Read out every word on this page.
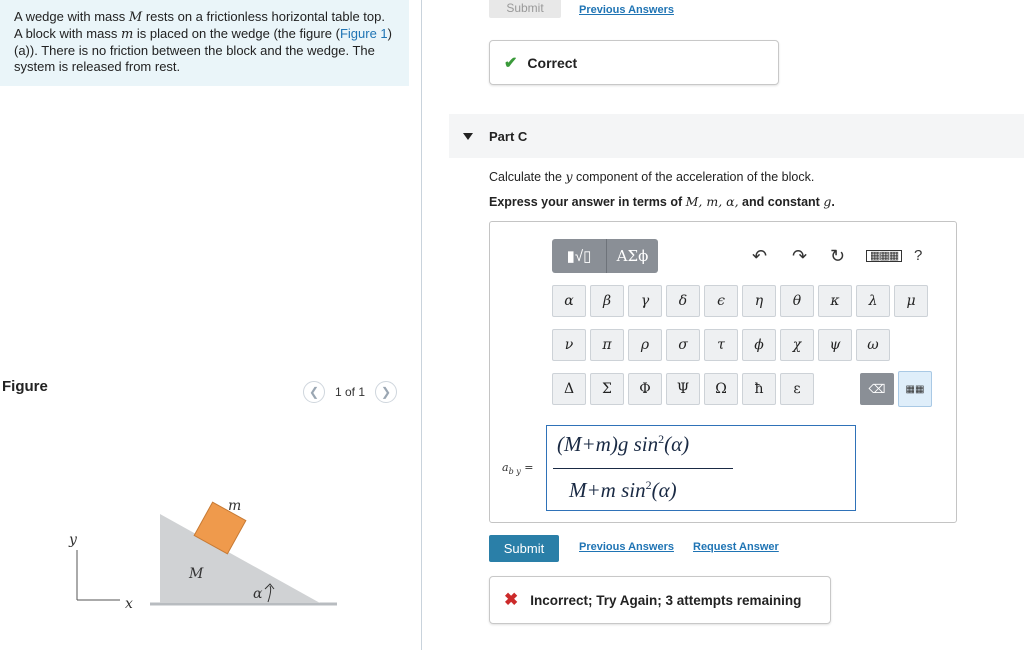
A wedge with mass M rests on a frictionless horizontal table top. A block with mass m is placed on the wedge (the figure (Figure 1)(a)). There is no friction between the block and the wedge. The system is released from rest.
Figure	❮	1 of 1	❯
m
M
α
y
x
Submit	Previous Answers
✔ Correct
Part C
Calculate the y component of the acceleration of the block.
Express your answer in terms of M, m, α, and constant g.
▮√▯	ΑΣϕ	↶ ↷ ↻	▦▦▦ ?
α	β	γ	δ	ϵ	η	θ	κ	λ	μ
ν	π	ρ	σ	τ	ϕ	χ	ψ	ω
Δ	Σ	Φ	Ψ	Ω	ħ	ε	⌫	▦▦
$a_{b y}$ =
(M+m)g $\sin^2(\alpha)$
M+m $\sin^2(\alpha)$
Submit	Previous Answers Request Answer
✖ Incorrect; Try Again; 3 attempts remaining
